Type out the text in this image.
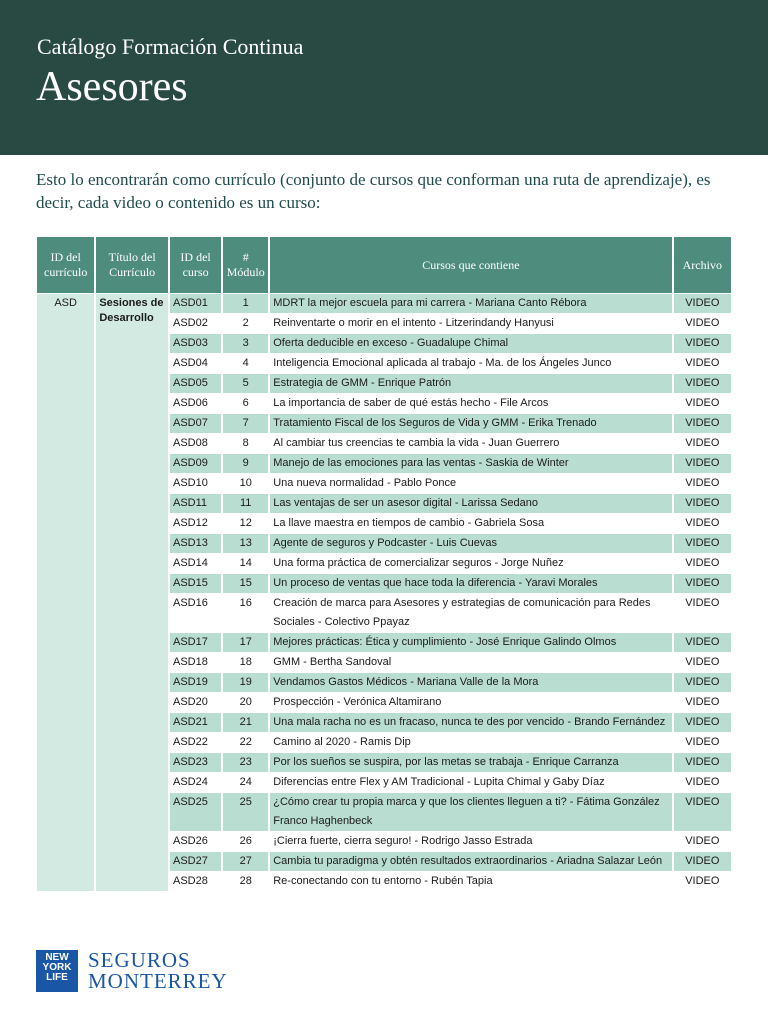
Catálogo Formación Continua
Asesores
Esto lo encontrarán como currículo (conjunto de cursos que conforman una ruta de aprendizaje), es decir, cada video o contenido es un curso:
ID del currículo	Título del Currículo	ID del curso	# Módulo	Cursos que contiene	Archivo
ASD	Sesiones de Desarrollo	ASD01	1	MDRT la mejor escuela para mi carrera - Mariana Canto Rébora	VIDEO
		ASD02	2	Reinventarte o morir en el intento - Litzerindandy Hanyusi	VIDEO
		ASD03	3	Oferta deducible en exceso - Guadalupe Chimal	VIDEO
		ASD04	4	Inteligencia Emocional aplicada al trabajo - Ma. de los Ángeles Junco	VIDEO
		ASD05	5	Estrategia de GMM - Enrique Patrón	VIDEO
		ASD06	6	La importancia de saber de qué estás hecho - File Arcos	VIDEO
		ASD07	7	Tratamiento Fiscal de los Seguros de Vida y GMM - Erika Trenado	VIDEO
		ASD08	8	Al cambiar tus creencias te cambia la vida - Juan Guerrero	VIDEO
		ASD09	9	Manejo de las emociones para las ventas - Saskia de Winter	VIDEO
		ASD10	10	Una nueva normalidad - Pablo Ponce	VIDEO
		ASD11	11	Las ventajas de ser un asesor digital - Larissa Sedano	VIDEO
		ASD12	12	La llave maestra en tiempos de cambio - Gabriela Sosa	VIDEO
		ASD13	13	Agente de seguros y Podcaster - Luis Cuevas	VIDEO
		ASD14	14	Una forma práctica de comercializar seguros - Jorge Nuñez	VIDEO
		ASD15	15	Un proceso de ventas que hace toda la diferencia - Yaravi Morales	VIDEO
		ASD16	16	Creación de marca para Asesores y estrategias de comunicación para Redes Sociales - Colectivo Ppayaz	VIDEO
		ASD17	17	Mejores prácticas: Ética y cumplimiento - José Enrique Galindo Olmos	VIDEO
		ASD18	18	GMM - Bertha Sandoval	VIDEO
		ASD19	19	Vendamos Gastos Médicos - Mariana Valle de la Mora	VIDEO
		ASD20	20	Prospección - Verónica Altamirano	VIDEO
		ASD21	21	Una mala racha no es un fracaso, nunca te des por vencido - Brando Fernández	VIDEO
		ASD22	22	Camino al 2020 - Ramis Dip	VIDEO
		ASD23	23	Por los sueños se suspira, por las metas se trabaja - Enrique Carranza	VIDEO
		ASD24	24	Diferencias entre Flex y AM Tradicional - Lupita Chimal y Gaby Díaz	VIDEO
		ASD25	25	¿Cómo crear tu propia marca y que los clientes lleguen a ti? - Fátima González Franco Haghenbeck	VIDEO
		ASD26	26	¡Cierra fuerte, cierra seguro! - Rodrigo Jasso Estrada	VIDEO
		ASD27	27	Cambia tu paradigma y obtén resultados extraordinarios - Ariadna Salazar León	VIDEO
		ASD28	28	Re-conectando con tu entorno - Rubén Tapia	VIDEO
NEW
YORK
LIFE
SEGUROS
MONTERREY
